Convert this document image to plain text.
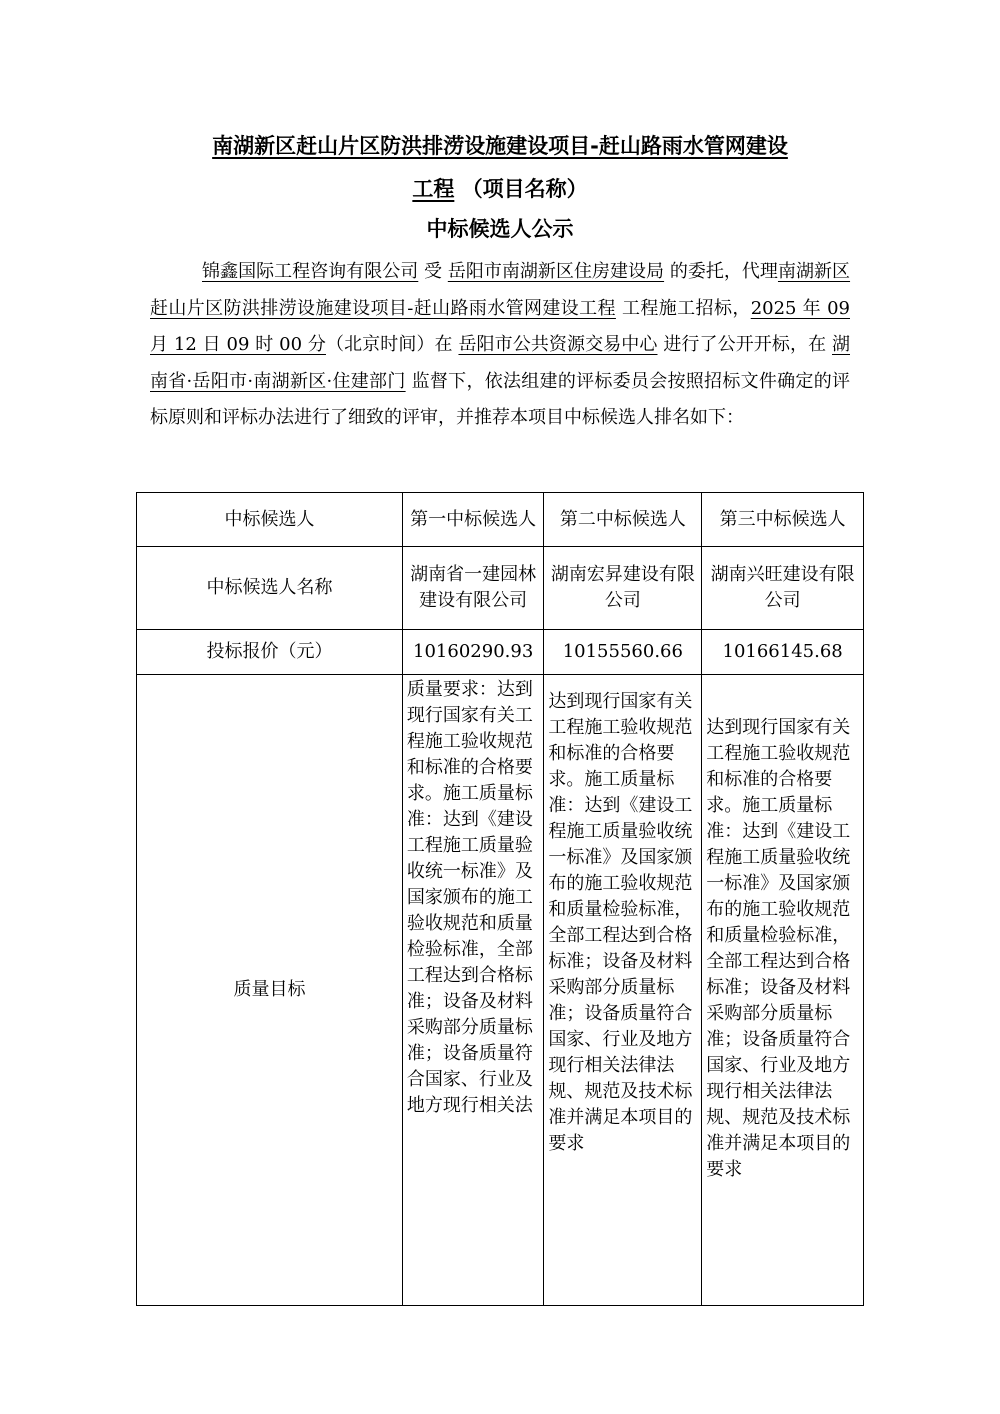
南湖新区赶山片区防洪排涝设施建设项目-赶山路雨水管网建设
工程 （项目名称）
中标候选人公示
锦鑫国际工程咨询有限公司 受 岳阳市南湖新区住房建设局 的委托，代理南湖新区赶山片区防洪排涝设施建设项目-赶山路雨水管网建设工程 工程施工招标，2025 年 09 月 12 日 09 时 00 分（北京时间）在 岳阳市公共资源交易中心 进行了公开开标，在 湖南省·岳阳市·南湖新区·住建部门 监督下，依法组建的评标委员会按照招标文件确定的评标原则和评标办法进行了细致的评审，并推荐本项目中标候选人排名如下：
中标候选人	第一中标候选人	第二中标候选人	第三中标候选人
中标候选人名称	湖南省一建园林建设有限公司	湖南宏昇建设有限公司	湖南兴旺建设有限公司
投标报价（元）	10160290.93	10155560.66	10166145.68
质量目标	质量要求：达到现行国家有关工程施工验收规范和标准的合格要求。施工质量标准：达到《建设工程施工质量验收统一标准》及国家颁布的施工验收规范和质量检验标准，全部工程达到合格标准；设备及材料采购部分质量标准；设备质量符合国家、行业及地方现行相关法	达到现行国家有关工程施工验收规范和标准的合格要求。施工质量标准：达到《建设工程施工质量验收统一标准》及国家颁布的施工验收规范和质量检验标准，全部工程达到合格标准；设备及材料采购部分质量标准；设备质量符合国家、行业及地方现行相关法律法规、规范及技术标准并满足本项目的要求	达到现行国家有关工程施工验收规范和标准的合格要求。施工质量标准：达到《建设工程施工质量验收统一标准》及国家颁布的施工验收规范和质量检验标准，全部工程达到合格标准；设备及材料采购部分质量标准；设备质量符合国家、行业及地方现行相关法律法规、规范及技术标准并满足本项目的要求
